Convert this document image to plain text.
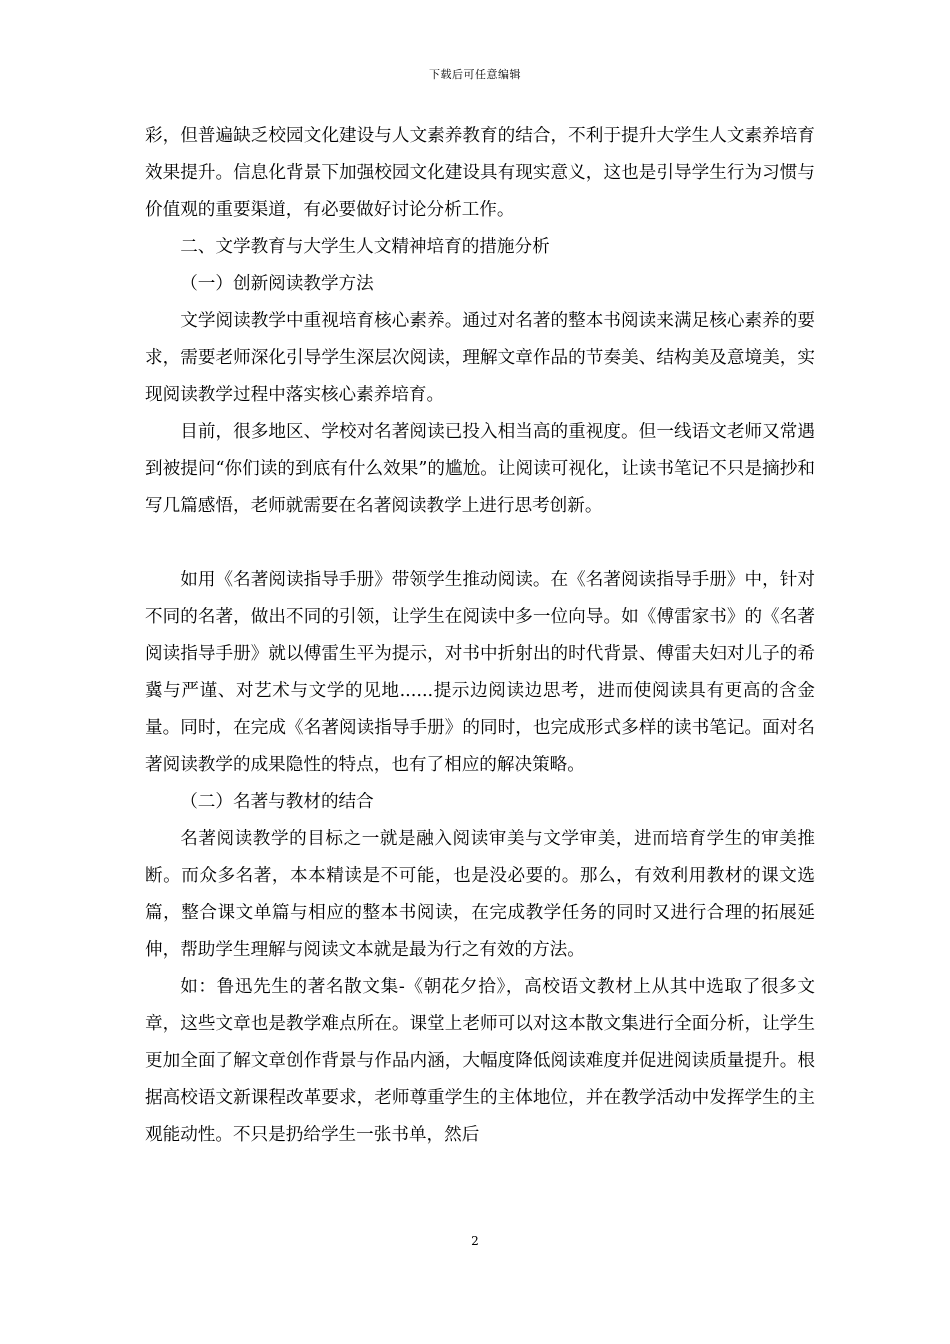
下载后可任意编辑

彩，但普遍缺乏校园文化建设与人文素养教育的结合，不利于提升大学生人文素养培育效果提升。信息化背景下加强校园文化建设具有现实意义，这也是引导学生行为习惯与价值观的重要渠道，有必要做好讨论分析工作。

二、文学教育与大学生人文精神培育的措施分析

（一）创新阅读教学方法

文学阅读教学中重视培育核心素养。通过对名著的整本书阅读来满足核心素养的要求，需要老师深化引导学生深层次阅读，理解文章作品的节奏美、结构美及意境美，实现阅读教学过程中落实核心素养培育。

目前，很多地区、学校对名著阅读已投入相当高的重视度。但一线语文老师又常遇到被提问“你们读的到底有什么效果”的尴尬。让阅读可视化，让读书笔记不只是摘抄和写几篇感悟，老师就需要在名著阅读教学上进行思考创新。

如用《名著阅读指导手册》带领学生推动阅读。在《名著阅读指导手册》中，针对不同的名著，做出不同的引领，让学生在阅读中多一位向导。如《傅雷家书》的《名著阅读指导手册》就以傅雷生平为提示，对书中折射出的时代背景、傅雷夫妇对儿子的希冀与严谨、对艺术与文学的见地......提示边阅读边思考，进而使阅读具有更高的含金量。同时，在完成《名著阅读指导手册》的同时，也完成形式多样的读书笔记。面对名著阅读教学的成果隐性的特点，也有了相应的解决策略。

（二）名著与教材的结合

名著阅读教学的目标之一就是融入阅读审美与文学审美，进而培育学生的审美推断。而众多名著，本本精读是不可能，也是没必要的。那么，有效利用教材的课文选篇，整合课文单篇与相应的整本书阅读，在完成教学任务的同时又进行合理的拓展延伸，帮助学生理解与阅读文本就是最为行之有效的方法。

如：鲁迅先生的著名散文集-《朝花夕拾》，高校语文教材上从其中选取了很多文章，这些文章也是教学难点所在。课堂上老师可以对这本散文集进行全面分析，让学生更加全面了解文章创作背景与作品内涵，大幅度降低阅读难度并促进阅读质量提升。根据高校语文新课程改革要求，老师尊重学生的主体地位，并在教学活动中发挥学生的主观能动性。不只是扔给学生一张书单，然后

2
